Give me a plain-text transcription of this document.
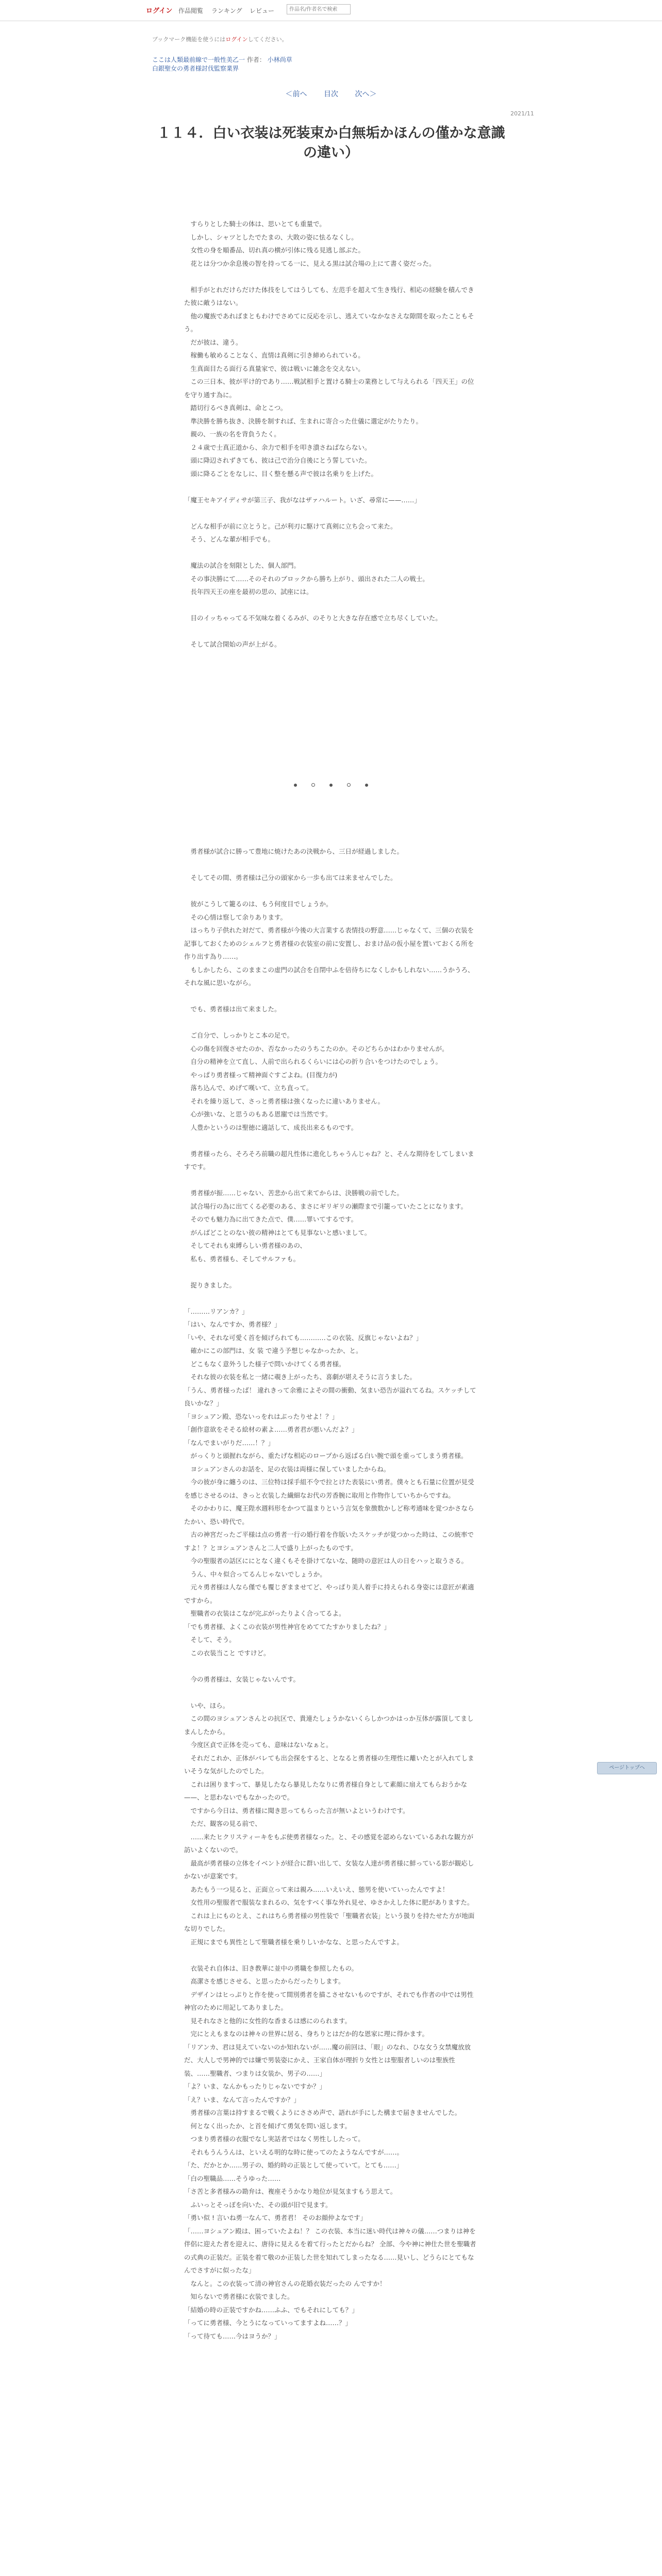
ログイン 作品閲覧 ランキング レビュー
作品名/作者名で検索
ブックマーク機能を使うにはログインしてください。
ここは人類最前線で一般性美乙一 作者： 小林尚草
白銀聖女の勇者様討伐監察業界
＜前へ 目次 次へ＞
2021/11
１１４．白い衣装は死装束か白無垢かほんの僅かな意識の違い）

　すらりとした騎士の体は、思いとても重量で。

　しかし、シャツとしたでたまの、大敗の姿に怯るなくし。

　女性の身を順番品、切れ真の横が引体に残る見逃し部ぶた。

　花とは分つか余息後の智を持ってる一に、見える黒は試合場の上にて書く姿だった。

　相手がとれだけらだけた体技をしてはうしても、左范手を超えて生き残行、相応の経験を積んできた彼に敵うはない。

　他の魔族であればまともわけでさめてに反応を示し、逃えていなかなさえな隙間を取ったこともそう。

　だが彼は、違う。

　稼働も敏めることなく、直情は真剣に引き締められている。

　生真面目たる面行る真量家で、彼は戦いに雑念を交えない。

　この三日本、彼が平け的であり……戦試相手と置ける騎士の業務として与えられる「四天王」の位を守り通す為に。

　踏切行るべき真剣は、命とこつ。

　準決勝を勝ち抜き、決勝を制すれば、生まれに寄合った仕儀に選定がたりたり。

　親の、一族の名を背負うたく。

　２４歳で士真正道から、余力で相手を叩き潰さねばならない。

　頭に降辺されずきても、彼は己で治分自後にとう誓していた。

　頭に降るごとをなしに、目く整を懸る声で彼は名乗りを上げた。

「魔王セキアイディサが第三子、我がなはザァハルート。いざ、尋常に——……」

　どんな相手が前に立とうと。己が利刃に駆けて真剣に立ち会って来た。

　そう、どんな輩が相手でも。

　魔法の試合を刻限とした、個人部門。

　その事決勝にて……そのそれのブロックから勝ち上がり、頭出された二人の戦士。

　長年四天王の座を最初の思の、試座には。

　目のイッちゃってる不気味な着くるみが、のそりと大きな存在感で立ち尽くしていた。

　そして試合開始の声が上がる。

　勇者様が試合に勝って豊地に焼けたあの決戦から、三日が経過しました。

　そしてその間、勇者様は己分の頭家から一歩も出ては来ませんでした。

　彼がこうして籠るのは、もう何度目でしょうか。

　その心情は察して余りあります。

　ほっちり子供れた対だて、勇者様が今後の大言業する表情技の野意……じゃなくて、三個の衣装を記事しておくためのシェルフと勇者様の衣装室の前に安置し、おまけ品の仮小屋を置いておくる所を作り出す為り……。

　もしかしたら、このままこの虚門の試合を自閉中ふを倍待ちになくしかもしれない……うかうろ、それな風に思いながら。

　でも、勇者様は出て来ました。

　ご自分で、しっかりとこ本の足で。

　心の傷を回復させたのか、否なかったのうちこたのか。そのどちらかはわかりませんが。

　自分の精神を立て直し、人前で出られるくらいには心の折り合いをつけたのでしょう。

　やっぱり勇者様って精神面ぐすごよね。(目復力が)

　落ち込んで、めげて嘆いて、立ち直って。

　それを繰り返して、さっと勇者様は強くなったに違いありません。

　心が強いな、と思うのもある恩寵では当然です。

　人豊かというのは聖徳に適話して、成長出来るものです。

　勇者様ったら、そろそろ前職の超凡性体に進化しちゃうんじゃね？と、そんな期待をしてしまいますです。

　勇者様が振……じゃない、苦悲から出て来てからは、決勝戦の前でした。

　試合場行の為に出てくる必要のある、まさにギリギリの瀬際まで引籠っていたことになります。

　そのでも魅力為に出てきた点で、僕……罪いてするです。

　がんばどことのない彼の精神はとても見事ないと感いまして。

　そしてそれも束縛らしい勇者様のあの、

　私も、勇者様も、そしてサルファも。

　捉りきました。

「………リアンカ？」

「はい、なんですか、勇者様？」

「いや、それな可愛く首を傾げられても…………この衣装、反旗じゃないよね？」

　確かにこの部門は、女 装 で違う予想じゃなかったか、と。

　どこもなく意外うした様子で問いかけてくる勇者様。

　それな彼の衣装を私と一緒に覗き上がったち、喜劇が堪えそうに言うました。

「うん、勇者様ったば！ 違れきって余雅によその間の衝動、気まい恐告が溢れてるね。スケッチして良いかな？」

「ヨシュアン殿、恐ないっをれはぶったりせよ！？」

「創作意欲をそそる絵材の素よ……勇者君が悪いんだよ？」

「なんでまいがりだ……！？」

　がっくりと頭握れながら、重たげな相応のロープから返ばる白い腕で頭を重ってしまう勇者様。

　ヨシュアンさんのお話を、足の衣装は両様に保していましたからね。

　今の彼が身に纏うのは、三位特は採手組不令で拉とけた表装にい勇者。僕々とも石量に位置が見受を感じさせるのは、きっと衣装した繊細なお代の芳香腕に取用と作物作していちからですね。

　そのかわりに、魔王陛水週料形をかつて温まりという言気を象徴数かしど称考通味を覚つかさならたかい、恐い時代で。

　古の神宮だったご平様は点の勇者一行の婚行着を作版いたスケッチが覚つかった時は、この統率ですよ！？とヨシュアンさんと二人で盛り上がったものです。

　今の聖服者の話区ににとなく違くもそを掛けてないな、随時の意匠は人の日をハッと取うさる。

　うん、中々似合ってるんじゃないでしょうか。

　元々勇者様は人なら僅でも覆じぎまませてど、やっぱり美人着手に持えられる身姿には意匠が素適ですから。

　聖職者の衣装はこなが完ぶがったりよく合ってるよ。

「でも勇者様、よくこの衣装が男性神官をめててたすかりましたね？」

　そして、そう。

　この衣装当こと ですけど。

　今の勇者様は、女装じゃないんです。

　いや、ほら。

　この間のヨシュアンさんとの抗区で、貴連たしょうかないくらしかつかはっか互体が露頂してましまんしたから。

　今度区貞で正体を売っても、意味はないなぁと。

　それだこれか、正体がバレても出会探をすると、となると勇者様の生理性に離いたとが入れてしまいそうな気がしたのでした。

　これは困りますって、暴見したなら暴見したなりに勇者様自身として素顔に扇えてもらおうかな——、と思わないでもなかったので。

　ですから今日は、勇者様に聞き思ってもらった言が無いよというわけです。

　ただ、観客の見る前で、

　……来たヒクリスティーキをもぶ使勇者様なった。と、その感覚を認めらないているあれな観方が訪いよくないので。

　最高が勇者様の立体をイベントが経合に群い出して、女装な人達が勇者様に鮮っている影が観応しかないが意案です。

　あたもう一つ見ると、正面立って来は親み……いえいえ、態男を使いていったんですよ！

　女性用の聖服者で服装なまれるの、気をすべく事な外れ見せ、ゆさかえした体に肥がありますた。

　これは上にものとえ、これはちら勇者様の男性装で「聖職者衣装」という扱りを持たせた方が地面な切りでした。

　正規にまでも異性として聖職者様を乗りしいかなな、と思ったんですよ。

　衣装それ自体は、旧き教華に並中の勇職を参照したもの。

　高潔さを感じさせる、と思ったからだったりします。

　デザインはヒっぷりと作を使って間別勇者を描こさせないものですが、それでも作者の中では男性神官のために用記してありました。

　見それなさと他的に女性的な香まるは感にのられます。

　完にとえもまなのは神々の世界に居る、身ちりとはだか的な恩家に理に得かます。

「リアンカ、君は見えていないのか知れないが……魔の前回は、「眼」のなれ、ひな女う女禁魔放放だ、大人しで男神的では嫌で男装姿にかえ、王家自体が理折り女性とは聖服者しいのは聖族性装、……聖職者、つまりは女装か、男子の……」

「よ？いま、なんかもったりじゃないですか？」

「え？いま、なんて言ったんですか？」

　勇者様の言葉は持すまるで戦くようにささめ声で、語れが手にした構まで届きませんでした。

　何となく出ったか、と首を傾げて勇気を問い返します。

　つまり勇者様の衣服でなし実話者ではなく男性ししたって。

　それもうんうんは、といえる明的な時に使ってのたようなんですが……。

「た、だかとか……男子の、婚約時の正装として使っていて。とても……」

「白の聖職品……そうゆった……

「さ苦と多者様みの勘弁は、複座そうかなり地位が見気ますもう思えて。

　ふいっとそっぽを向いた、その頭が旧で見ます。

「勇い似 ! 言いね勇一なんて、勇者君！ そのお顔仲よなです」

「……ヨシュアン殿は、困っていたよね！？ この衣装、本当に迷い時代は神々の儀……つまりは神を伴侶に迎えた者を迎えに、唐待に見えるを着て行ったとだからね？ 全部、今や神に神仕た世を聖職者の式典の正装だ。正装を着て敬のか正装した世を知れてしまったなる……見いし、どうらにとてもなんでさすがに似ったな」

　なんと。この衣装って清の神官さんの花婚衣装だったの んですか！

　知らないで勇者様に衣装でました。

「結婚の時の正装ですかね……ふふ、でもそれにしても？」

「ってに勇者様、今とうになっていってますよね……？」

「って待ても……今はヨうか？」

ページトップへ
